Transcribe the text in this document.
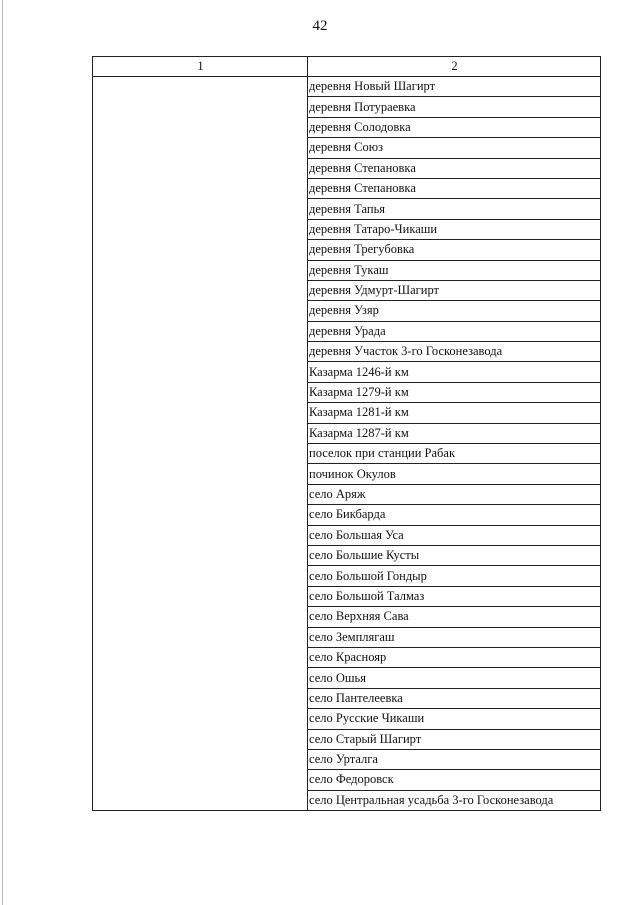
42
1	2
	деревня Новый Шагирт
	деревня Потураевка
	деревня Солодовка
	деревня Союз
	деревня Степановка
	деревня Степановка
	деревня Тапья
	деревня Татаро-Чикаши
	деревня Трегубовка
	деревня Тукаш
	деревня Удмурт-Шагирт
	деревня Узяр
	деревня Урада
	деревня Участок 3-го Госконезавода
	Казарма 1246-й км
	Казарма 1279-й км
	Казарма 1281-й км
	Казарма 1287-й км
	поселок при станции Рабак
	починок Окулов
	село Аряж
	село Бикбарда
	село Большая Уса
	село Большие Кусты
	село Большой Гондыр
	село Большой Талмаз
	село Верхняя Сава
	село Земплягаш
	село Краснояр
	село Ошья
	село Пантелеевка
	село Русские Чикаши
	село Старый Шагирт
	село Урталга
	село Федоровск
	село Центральная усадьба 3-го Госконезавода
